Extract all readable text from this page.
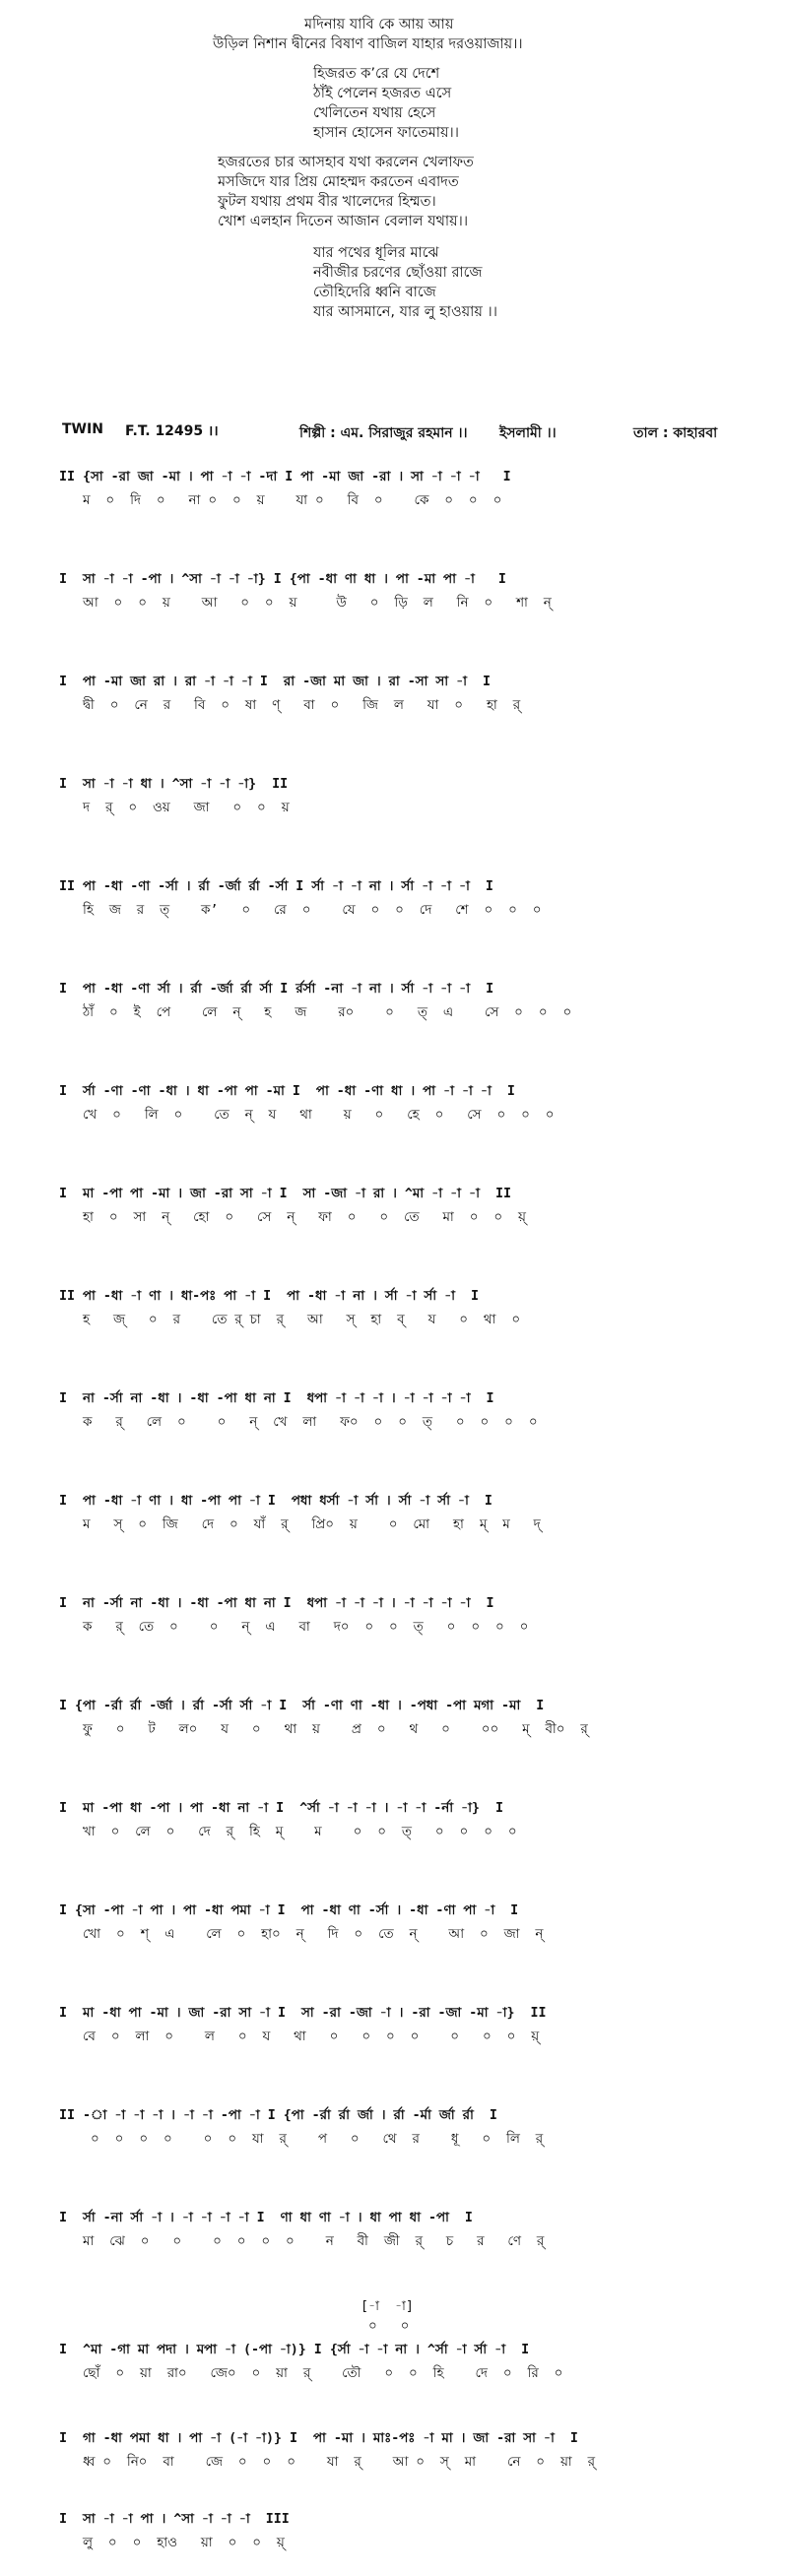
মদিনায় যাবি কে আয় আয়
উড়িল নিশান দ্বীনের বিষাণ বাজিল যাহার দরওয়াজায়।।
হিজরত ক’রে যে দেশে
ঠাঁই পেলেন হজরত এসে
খেলিতেন যথায় হেসে
হাসান হোসেন ফাতেমায়।।
হজরতের চার আসহাব যথা করলেন খেলাফত
মসজিদে যার প্রিয় মোহম্মদ করতেন এবাদত
ফুটল যথায় প্রথম বীর খালেদের হিম্মত।
খোশ এলহান দিতেন আজান বেলাল যথায়।।
যার পথের ধূলির মাঝে
নবীজীর চরণের ছোঁওয়া রাজে
তৌহিদেরি ধ্বনি বাজে
যার আসমানে, যার লু হাওয়ায় ।।
TWIN F.T. 12495 ।।	শিল্পী : এম. সিরাজুর রহমান ।। ইসলামী ।।	তাল : কাহারবা
II {সা -রা জা -মা । পা -া -া -দা I পা -মা জা -রা । সা -া -া -া   I
ম  ০  দি  ০   না ০  ০  য়    যা ০   বি  ০    কে  ০  ০  ০
I  সা -া -া -পা । ^সা -া -া -া} I {পা -ধা ণা ধা । পা -মা পা -া   I
আ  ০  ০  য়    আ   ০  ০  য়     উ   ০  ড়ি  ল   নি  ০   শা  ন্
I  পা -মা জা রা । রা -া -া -া I  রা -জা মা জা । রা -সা সা -া  I
দ্বী  ০  নে  র   বি  ০  ষা  ণ্   বা  ০   জি  ল   যা  ০   হা  র্
I  সা -া -া ধা । ^সা -া -া -া}  II
দ  র্  ০  ওয়   জা   ০  ০  য়
II পা -ধা -ণা -র্সা । র্রা -র্জা র্রা -র্সা I র্সা -া -া না । র্সা -া -া -া  I
হি  জ  র  ত্    ক’   ০   রে  ০    যে  ০  ০  দে   শে  ০  ০  ০
I  পা -ধা -ণা র্সা । র্রা -র্জা র্রা র্সা I র্রর্সা -না -া না । র্সা -া -া -া  I
ঠাঁ  ০  ই  পে    লে  ন্   হ   জ    র০    ০   ত্  এ    সে  ০  ০  ০
I  র্সা -ণা -ণা -ধা । ধা -পা পা -মা I  পা -ধা -ণা ধা । পা -া -া -া  I
খে  ০   লি  ০    তে  ন্  য   থা    য়   ০   হে  ০   সে  ০  ০  ০
I  মা -পা পা -মা । জা -রা সা -া I  সা -জা -া রা । ^মা -া -া -া  II
হা  ০  সা  ন্   হো  ০   সে  ন্   ফা  ০   ০  তে   মা  ০  ০  য়্
II পা -ধা -া ণা । ধা-পঃ পা -া I  পা -ধা -া না । র্সা -া র্সা -া  I
হ   জ্   ০  র    তে র্ চা  র্   আ   স্  হা  ব্   য   ০  থা  ০
I  না -র্সা না -ধা । -ধা -পা ধা না I  ধপা -া -া -া । -া -া -া -া  I
ক   র্   লে  ০    ০   ন্  খে  লা   ফ০  ০  ০  ত্   ০  ০  ০  ০
I  পা -ধা -া ণা । ধা -পা পা -া I  পধা ধর্সা -া র্সা । র্সা -া র্সা -া  I
ম   স্  ০  জি   দে  ০  যাঁ  র্   প্রি০  য়    ০  মো   হা  ম্  ম   দ্
I  না -র্সা না -ধা । -ধা -পা ধা না I  ধপা -া -া -া । -া -া -া -া  I
ক   র্  তে  ০    ০   ন্  এ   বা   দ০  ০  ০  ত্   ০  ০  ০  ০
I {পা -র্রা র্রা -র্জা । র্রা -র্সা র্সা -া I  র্সা -ণা ণা -ধা । -পধা -পা মগা -মা  I
ফু   ০   ট   ল০   য   ০   থা  য়    প্র  ০   থ   ০    ০০   ম্  বী০  র্
I  মা -পা ধা -পা । পা -ধা না -া I  ^র্সা -া -া -া । -া -া -র্না -া}  I
খা  ০  লে  ০   দে  র্  হি  ম্    ম    ০  ০  ত্   ০  ০  ০  ০
I {সা -পা -া পা । পা -ধা পমা -া I  পা -ধা ণা -র্সা । -ধা -ণা পা -া  I
খো  ০  শ্  এ    লে  ০  হা০  ন্   দি  ০  তে  ন্    আ  ০  জা  ন্
I  মা -ধা পা -মা । জা -রা সা -া I  সা -রা -জা -া । -রা -জা -মা -া}  II
বে  ০  লা  ০    ল   ০  য   থা   ০   ০  ০  ০    ০   ০  ০  য়্
II -া -া -া -া । -া -া -পা -া I {পা -র্রা র্রা র্জা । র্রা -র্মা র্জা র্রা  I
০  ০  ০  ০    ০  ০  যা  র্    প   ০   থে  র    ধূ   ০  লি  র্
I  র্সা -না র্সা -া । -া -া -া -া I  ণা ধা ণা -া । ধা পা ধা -পা  I
মা  ঝে  ০   ০    ০  ০  ০  ০    ন   বী  জী  র্   চ   র   ণে  র্
[-া  -া]
০   ০
I  ^মা -গা মা পদা । মপা -া (-পা -া)} I {র্সা -া -া না । ^র্সা -া র্সা -া  I
ছোঁ  ০  য়া  রা০   জে০  ০  য়া  র্    তৌ   ০  ০  হি    দে  ০  রি  ০
I  গা -ধা পমা ধা । পা -া (-া -া)} I  পা -মা । মাঃ-পঃ -া মা । জা -রা সা -া  I
ধ্ব ০  নি০  বা    জে  ০  ০  ০    যা  র্    আ ০  স্  মা    নে  ০  য়া  র্
I  সা -া -া পা । ^সা -া -া -া  III
লু  ০  ০  হাও   য়া  ০  ০  য়্
